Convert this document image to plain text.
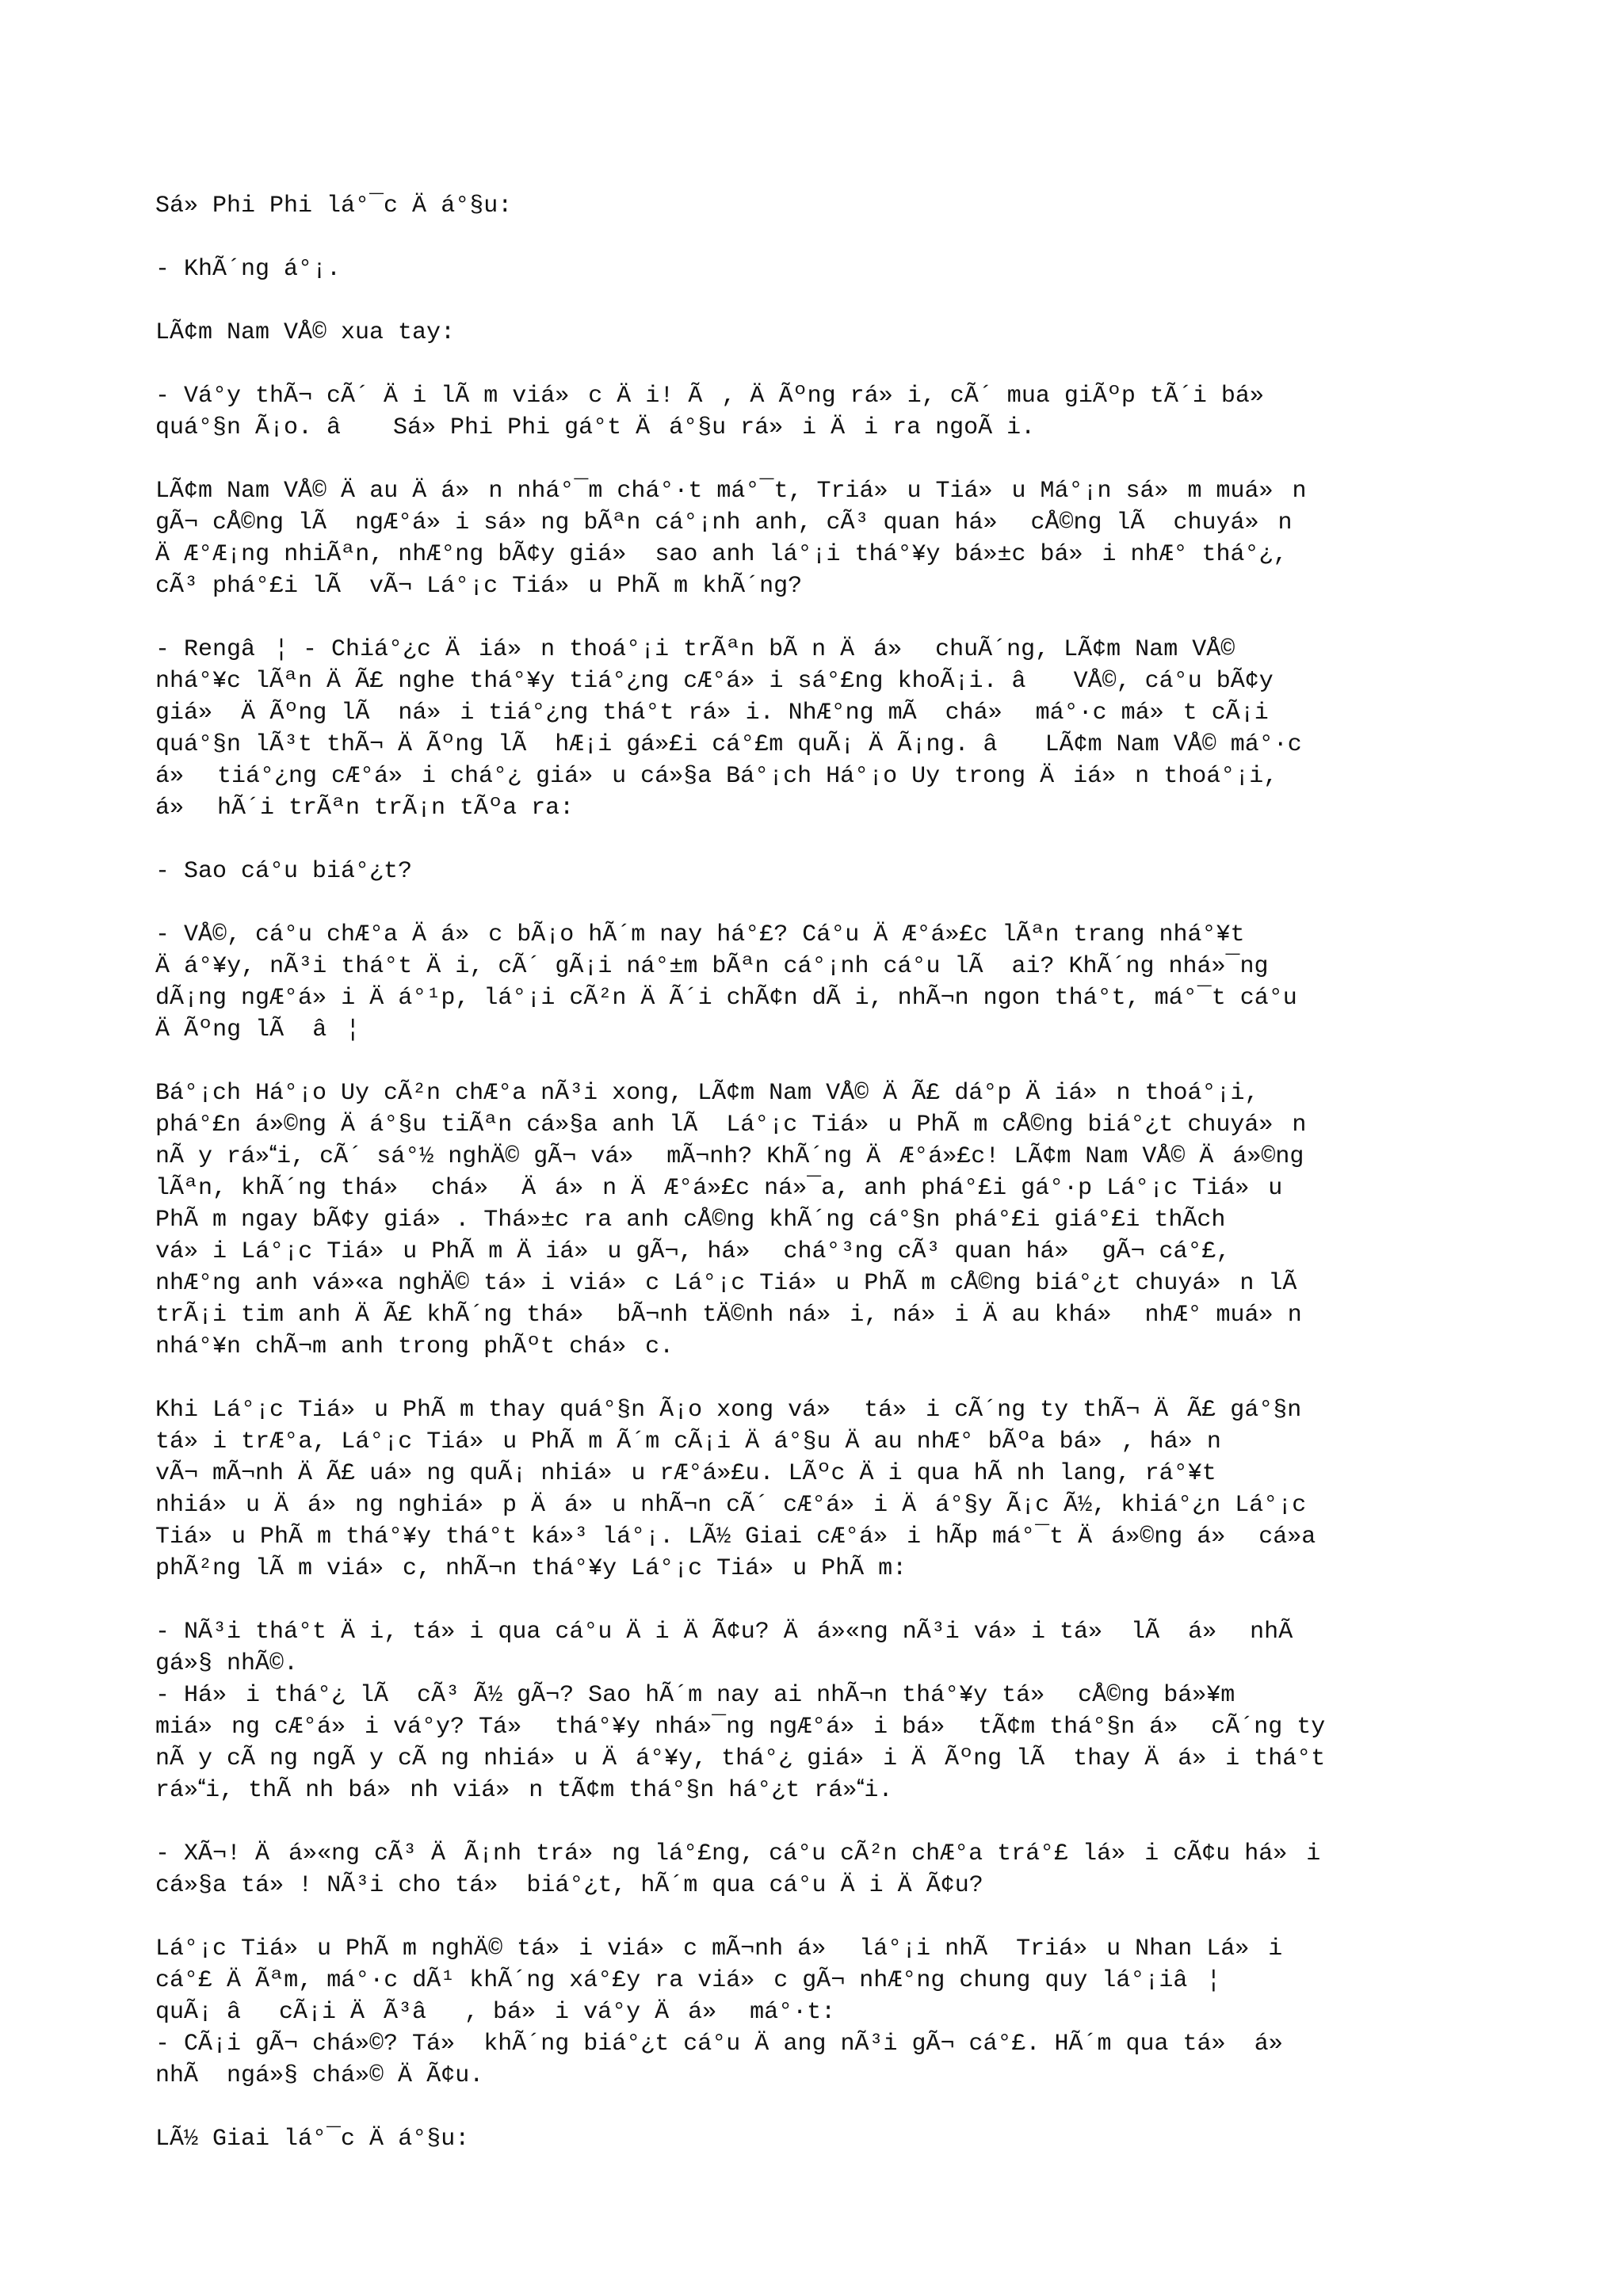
Sá» Phi Phi lá°¯c Äá°§u:
- KhÃ´ng á°¡.
LÃ¢m Nam VÅ© xua tay:
- Vá°y thÃ¬ cÃ´ Äi lÃ m viá»c Äi! Ã, ÄÃºng rá»i, cÃ´ mua giÃºp tÃ´i bá»
quá°§n Ã¡o. â Sá» Phi Phi gá°t Äá°§u rá»i Äi ra ngoÃ i.
LÃ¢m Nam VÅ© Äau Äá»n nhá°¯m chá°·t má°¯t, Triá»u Tiá»u Má°¡n sá»m muá»n
gÃ¬ cÅ©ng lÃ  ngÆ°á»i sá»ng bÃªn cá°¡nh anh, cÃ³ quan há» cÅ©ng lÃ  chuyá»n
ÄÆ°Æ¡ng nhiÃªn, nhÆ°ng bÃ¢y giá» sao anh lá°¡i thá°¥y bá»±c bá»i nhÆ° thá°¿,
cÃ³ phá°£i lÃ  vÃ¬ Lá°¡c Tiá»u PhÃ m khÃ´ng?
- Rengâ¦ - Chiá°¿c Äiá»n thoá°¡i trÃªn bÃ n Äá» chuÃ´ng, LÃ¢m Nam VÅ©
nhá°¥c lÃªn ÄÃ£ nghe thá°¥y tiá°¿ng cÆ°á»i sá°£ng khoÃ¡i. â VÅ©, cá°u bÃ¢y
giá» ÄÃºng lÃ  ná»i tiá°¿ng thá°t rá»i. NhÆ°ng mÃ  chá» má°·c má»t cÃ¡i
quá°§n lÃ³t thÃ¬ ÄÃºng lÃ  hÆ¡i gá»£i cá°£m quÃ¡ ÄÃ¡ng. â LÃ¢m Nam VÅ© má°·c
á» tiá°¿ng cÆ°á»i chá°¿ giá»u cá»§a Bá°¡ch Há°¡o Uy trong Äiá»n thoá°¡i,
á» hÃ´i trÃªn trÃ¡n tÃºa ra:
- Sao cá°u biá°¿t?
- VÅ©, cá°u chÆ°a Äá»c bÃ¡o hÃ´m nay há°£? Cá°u ÄÆ°á»£c lÃªn trang nhá°¥t
Äá°¥y, nÃ³i thá°t Äi, cÃ´ gÃ¡i ná°±m bÃªn cá°¡nh cá°u lÃ  ai? KhÃ´ng nhá»¯ng
dÃ¡ng ngÆ°á»i Äá°¹p, lá°¡i cÃ²n ÄÃ´i chÃ¢n dÃ i, nhÃ¬n ngon thá°t, má°¯t cá°u
ÄÃºng lÃ  â¦
Bá°¡ch Há°¡o Uy cÃ²n chÆ°a nÃ³i xong, LÃ¢m Nam VÅ© ÄÃ£ dá°p Äiá»n thoá°¡i,
phá°£n á»©ng Äá°§u tiÃªn cá»§a anh lÃ  Lá°¡c Tiá»u PhÃ m cÅ©ng biá°¿t chuyá»n
nÃ y rá»i, cÃ´ sá°½ nghÄ© gÃ¬ vá» mÃ¬nh? KhÃ´ng ÄÆ°á»£c! LÃ¢m Nam VÅ© Äá»©ng
lÃªn, khÃ´ng thá» chá» Äá»n ÄÆ°á»£c ná»¯a, anh phá°£i gá°·p Lá°¡c Tiá»u
PhÃ m ngay bÃ¢y giá». Thá»±c ra anh cÅ©ng khÃ´ng cá°§n phá°£i giá°£i thÃch
vá»i Lá°¡c Tiá»u PhÃ m Äiá»u gÃ¬, há» chá°³ng cÃ³ quan há» gÃ¬ cá°£,
nhÆ°ng anh vá»«a nghÄ© tá»i viá»c Lá°¡c Tiá»u PhÃ m cÅ©ng biá°¿t chuyá»n lÃ
trÃ¡i tim anh ÄÃ£ khÃ´ng thá» bÃ¬nh tÄ©nh ná»i, ná»i Äau khá» nhÆ° muá»n
nhá°¥n chÃ¬m anh trong phÃºt chá»c.
Khi Lá°¡c Tiá»u PhÃ m thay quá°§n Ã¡o xong vá» tá»i cÃ´ng ty thÃ¬ ÄÃ£ gá°§n
tá»i trÆ°a, Lá°¡c Tiá»u PhÃ m Ã´m cÃ¡i Äá°§u Äau nhÆ° bÃºa bá», há»n
vÃ¬ mÃ¬nh ÄÃ£ uá»ng quÃ¡ nhiá»u rÆ°á»£u. LÃºc Äi qua hÃ nh lang, rá°¥t
nhiá»u Äá»ng nghiá»p Äá»u nhÃ¬n cÃ´ cÆ°á»i Äá°§y Ã¡c Ã½, khiá°¿n Lá°¡c
Tiá»u PhÃ m thá°¥y thá°t ká»³ lá°¡. LÃ½ Giai cÆ°á»i hÃp má°¯t Äá»©ng á» cá»a
phÃ²ng lÃ m viá»c, nhÃ¬n thá°¥y Lá°¡c Tiá»u PhÃ m:
- NÃ³i thá°t Äi, tá»i qua cá°u Äi ÄÃ¢u? Äá»«ng nÃ³i vá»i tá» lÃ  á» nhÃ
gá»§ nhÃ©.
- Há»i thá°¿ lÃ  cÃ³ Ã½ gÃ¬? Sao hÃ´m nay ai nhÃ¬n thá°¥y tá» cÅ©ng bá»¥m
miá»ng cÆ°á»i vá°y? Tá» thá°¥y nhá»¯ng ngÆ°á»i bá» tÃ¢m thá°§n á» cÃ´ng ty
nÃ y cÃ ng ngÃ y cÃ ng nhiá»u Äá°¥y, thá°¿ giá»i ÄÃºng lÃ  thay Äá»i thá°t
rá»i, thÃ nh bá»nh viá»n tÃ¢m thá°§n há°¿t rá»i.
- XÃ¬! Äá»«ng cÃ³ ÄÃ¡nh trá»ng lá°£ng, cá°u cÃ²n chÆ°a trá°£ lá»i cÃ¢u há»i
cá»§a tá»! NÃ³i cho tá» biá°¿t, hÃ´m qua cá°u Äi ÄÃ¢u?
Lá°¡c Tiá»u PhÃ m nghÄ© tá»i viá»c mÃ¬nh á» lá°¡i nhÃ  Triá»u Nhan Lá»i
cá°£ ÄÃªm, má°·c dÃ¹ khÃ´ng xá°£y ra viá»c gÃ¬ nhÆ°ng chung quy lá°¡iâ¦
quÃ¡ âcÃ¡i ÄÃ³â, bá»i vá°y Äá» má°·t:
- CÃ¡i gÃ¬ chá»©? Tá» khÃ´ng biá°¿t cá°u Äang nÃ³i gÃ¬ cá°£. HÃ´m qua tá» á»
nhÃ  ngá»§ chá»© ÄÃ¢u.
LÃ½ Giai lá°¯c Äá°§u:
